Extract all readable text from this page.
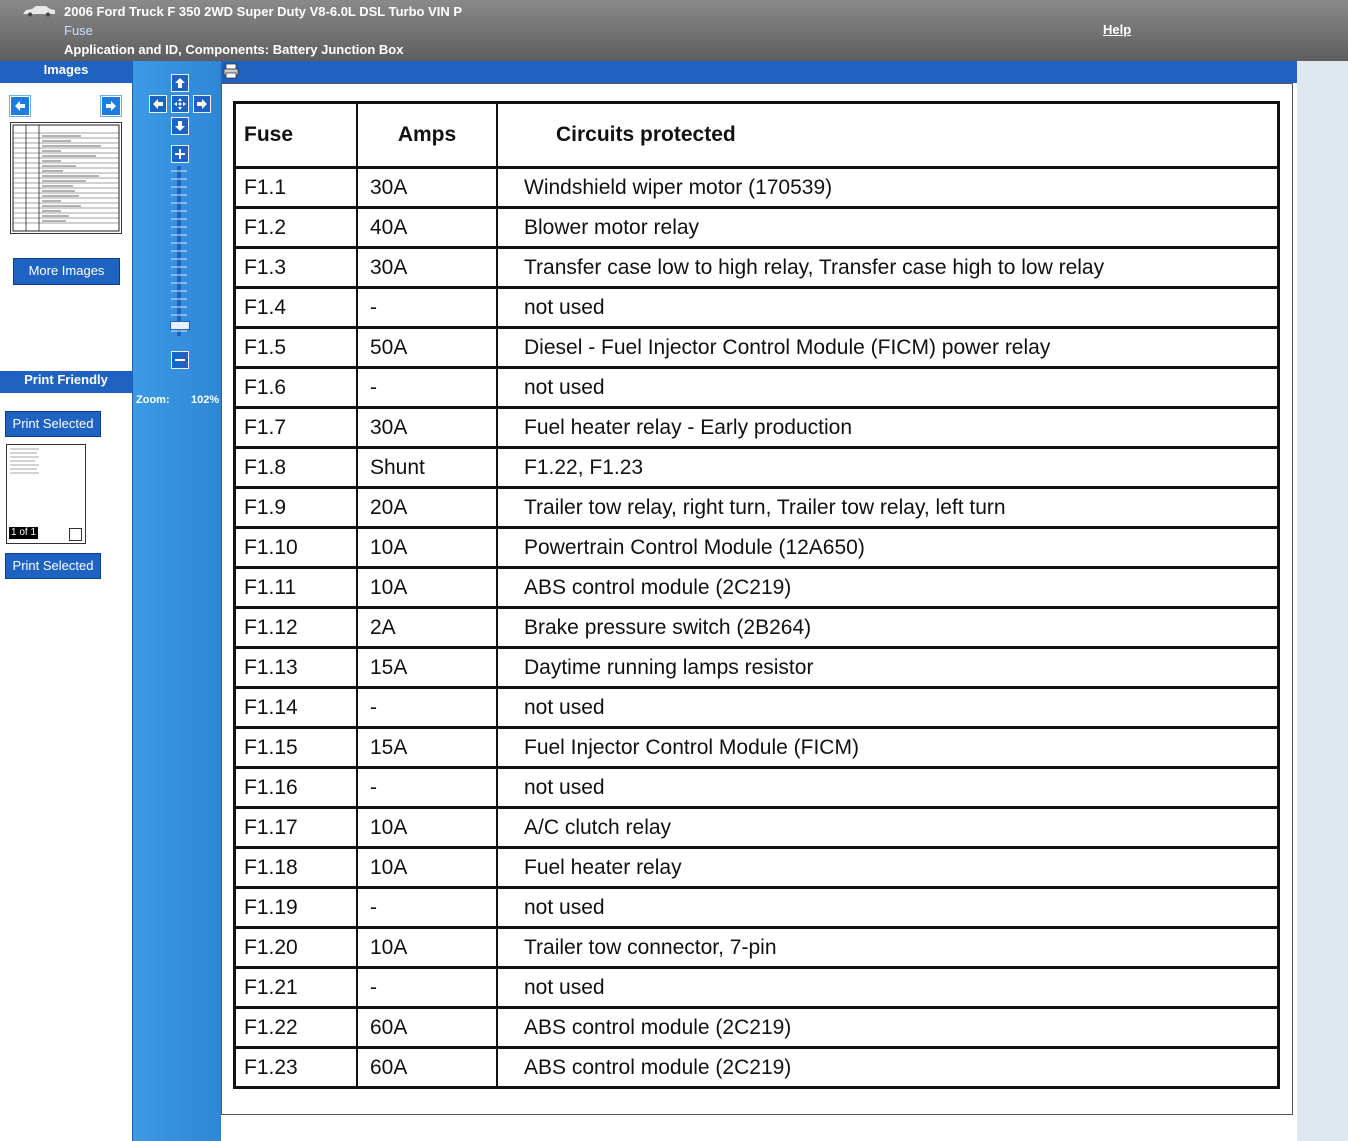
2006 Ford Truck F 350 2WD Super Duty V8-6.0L DSL Turbo VIN P
Fuse
Application and ID, Components: Battery Junction Box
Help
Images
More Images
Print Friendly
Print Selected
1 of 1
Print Selected
Zoom: 102%
Fuse	Amps	Circuits protected
F1.1	30A	Windshield wiper motor (170539)
F1.2	40A	Blower motor relay
F1.3	30A	Transfer case low to high relay, Transfer case high to low relay
F1.4	-	not used
F1.5	50A	Diesel - Fuel Injector Control Module (FICM) power relay
F1.6	-	not used
F1.7	30A	Fuel heater relay - Early production
F1.8	Shunt	F1.22, F1.23
F1.9	20A	Trailer tow relay, right turn, Trailer tow relay, left turn
F1.10	10A	Powertrain Control Module (12A650)
F1.11	10A	ABS control module (2C219)
F1.12	2A	Brake pressure switch (2B264)
F1.13	15A	Daytime running lamps resistor
F1.14	-	not used
F1.15	15A	Fuel Injector Control Module (FICM)
F1.16	-	not used
F1.17	10A	A/C clutch relay
F1.18	10A	Fuel heater relay
F1.19	-	not used
F1.20	10A	Trailer tow connector, 7-pin
F1.21	-	not used
F1.22	60A	ABS control module (2C219)
F1.23	60A	ABS control module (2C219)
